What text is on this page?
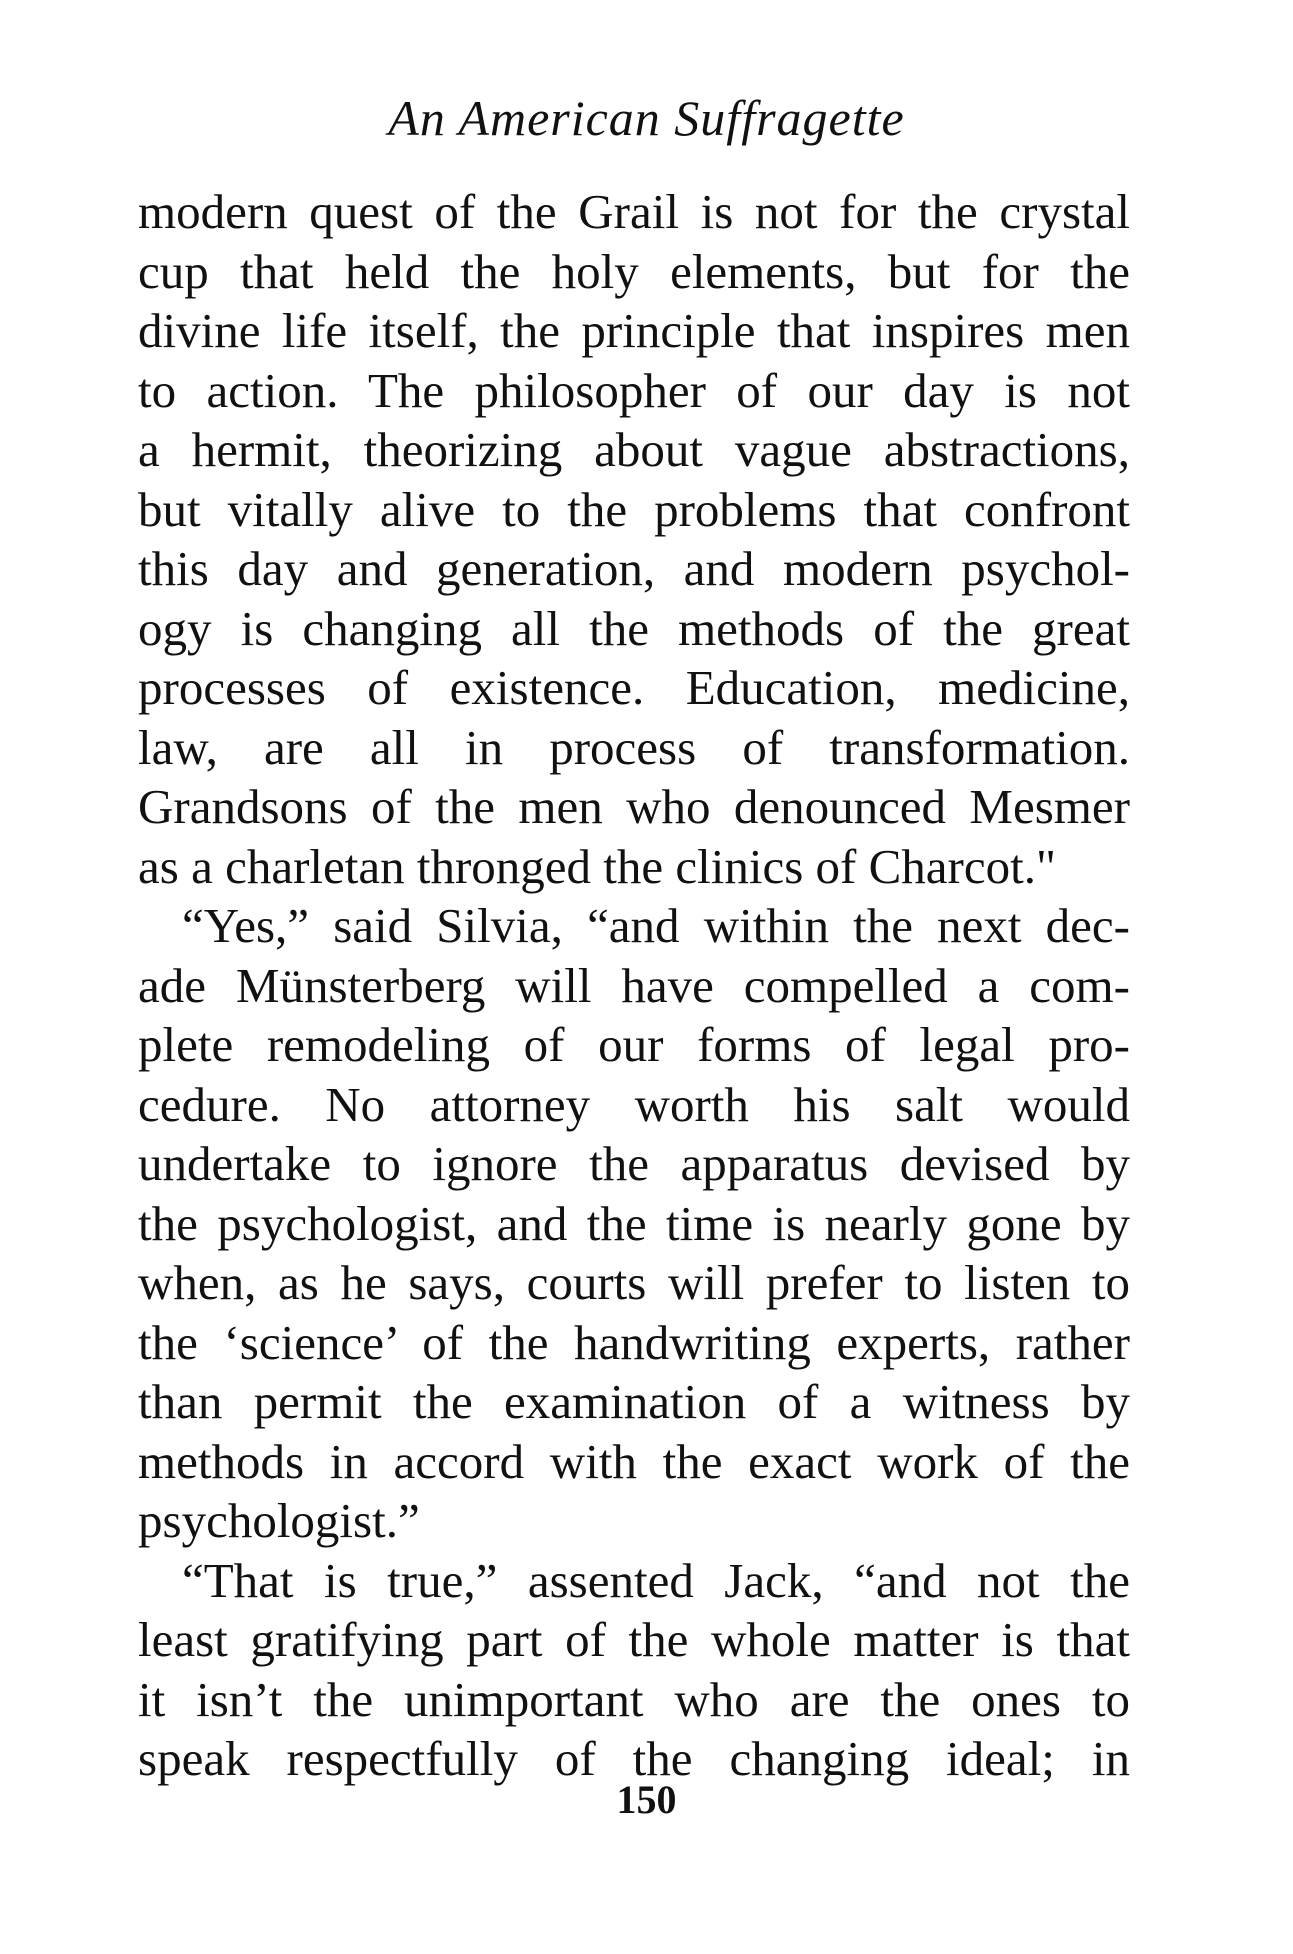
An American Suffragette
modern quest of the Grail is not for the crystal
cup that held the holy elements, but for the
divine life itself, the principle that inspires men
to action. The philosopher of our day is not
a hermit, theorizing about vague abstractions,
but vitally alive to the problems that confront
this day and generation, and modern psychol-
ogy is changing all the methods of the great
processes of existence. Education, medicine,
law, are all in process of transformation.
Grandsons of the men who denounced Mesmer
as a charletan thronged the clinics of Charcot."
“Yes,” said Silvia, “and within the next dec-
ade Münsterberg will have compelled a com-
plete remodeling of our forms of legal pro-
cedure. No attorney worth his salt would
undertake to ignore the apparatus devised by
the psychologist, and the time is nearly gone by
when, as he says, courts will prefer to listen to
the ‘science’ of the handwriting experts, rather
than permit the examination of a witness by
methods in accord with the exact work of the
psychologist.”
“That is true,” assented Jack, “and not the
least gratifying part of the whole matter is that
it isn’t the unimportant who are the ones to
speak respectfully of the changing ideal; in
150
